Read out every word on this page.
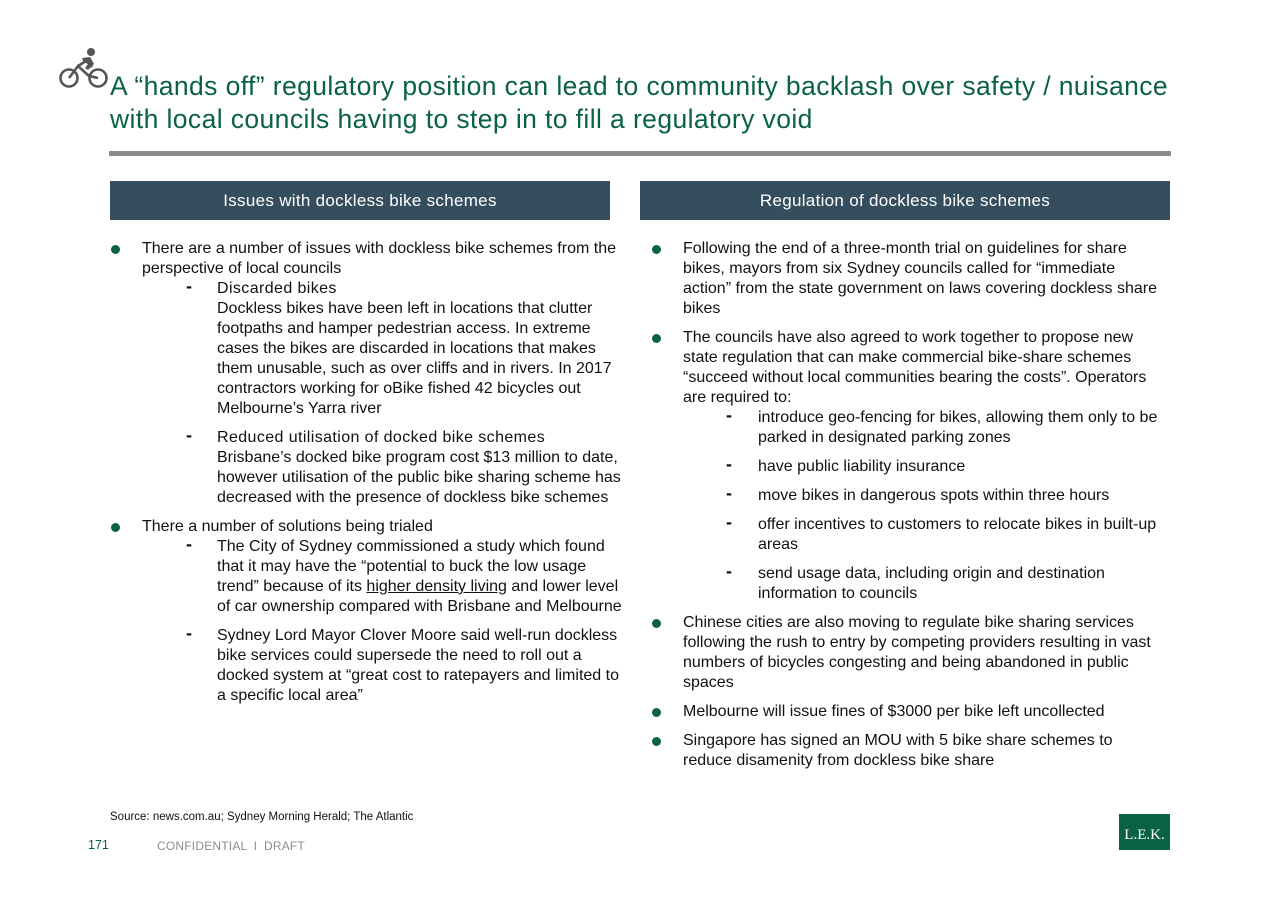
A “hands off” regulatory position can lead to community backlash over safety / nuisance with local councils having to step in to fill a regulatory void
Issues with dockless bike schemes	Regulation of dockless bike schemes
There are a number of issues with dockless bike schemes from the perspective of local councils
- Discarded bikes
Dockless bikes have been left in locations that clutter footpaths and hamper pedestrian access. In extreme cases the bikes are discarded in locations that makes them unusable, such as over cliffs and in rivers. In 2017 contractors working for oBike fished 42 bicycles out Melbourne’s Yarra river
- Reduced utilisation of docked bike schemes
Brisbane’s docked bike program cost $13 million to date, however utilisation of the public bike sharing scheme has decreased with the presence of dockless bike schemes
There a number of solutions being trialed
- The City of Sydney commissioned a study which found that it may have the “potential to buck the low usage trend” because of its higher density living and lower level of car ownership compared with Brisbane and Melbourne
- Sydney Lord Mayor Clover Moore said well-run dockless bike services could supersede the need to roll out a docked system at “great cost to ratepayers and limited to a specific local area”
Following the end of a three-month trial on guidelines for share bikes, mayors from six Sydney councils called for “immediate action” from the state government on laws covering dockless share bikes
The councils have also agreed to work together to propose new state regulation that can make commercial bike-share schemes “succeed without local communities bearing the costs”. Operators are required to:
- introduce geo-fencing for bikes, allowing them only to be parked in designated parking zones
- have public liability insurance
- move bikes in dangerous spots within three hours
- offer incentives to customers to relocate bikes in built-up areas
- send usage data, including origin and destination information to councils
Chinese cities are also moving to regulate bike sharing services following the rush to entry by competing providers resulting in vast numbers of bicycles congesting and being abandoned in public spaces
Melbourne will issue fines of $3000 per bike left uncollected
Singapore has signed an MOU with 5 bike share schemes to reduce disamenity from dockless bike share
Source: news.com.au; Sydney Morning Herald; The Atlantic
171	CONFIDENTIAL  l  DRAFT
L.E.K.
